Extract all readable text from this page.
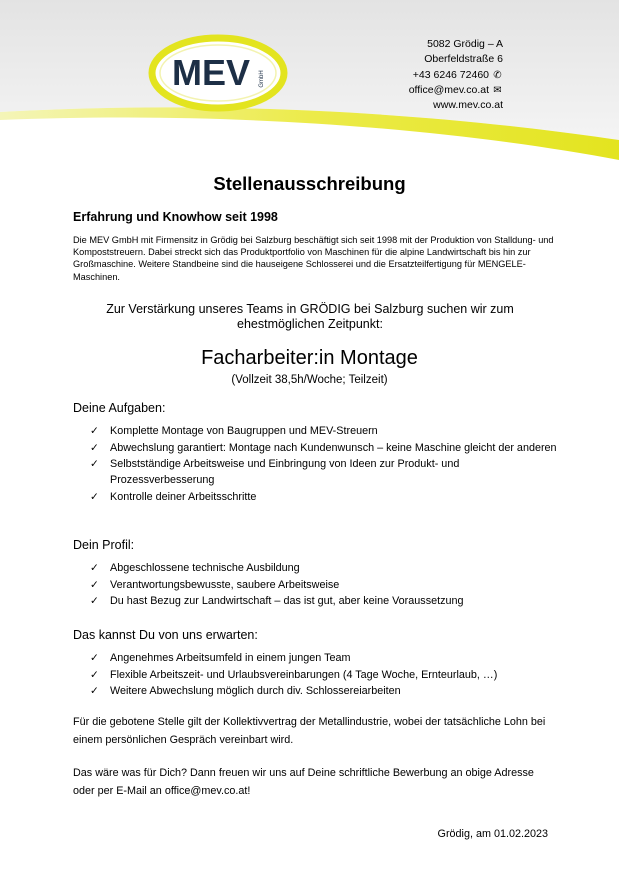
MEV GmbH
5082 Grödig – A
Oberfeldstraße 6
+43 6246 72460 ✆
office@mev.co.at ✉
www.mev.co.at
Stellenausschreibung

Erfahrung und Knowhow seit 1998

Die MEV GmbH mit Firmensitz in Grödig bei Salzburg beschäftigt sich seit 1998 mit der Produktion von Stalldung- und Kompoststreuern. Dabei streckt sich das Produktportfolio von Maschinen für die alpine Landwirtschaft bis hin zur Großmaschine. Weitere Standbeine sind die hauseigene Schlosserei und die Ersatzteilfertigung für MENGELE-Maschinen.

Zur Verstärkung unseres Teams in GRÖDIG bei Salzburg suchen wir zum ehestmöglichen Zeitpunkt:

Facharbeiter:in Montage

(Vollzeit 38,5h/Woche; Teilzeit)

Deine Aufgaben:

✓ Komplette Montage von Baugruppen und MEV-Streuern
✓ Abwechslung garantiert: Montage nach Kundenwunsch – keine Maschine gleicht der anderen
✓ Selbstständige Arbeitsweise und Einbringung von Ideen zur Produkt- und Prozessverbesserung
✓ Kontrolle deiner Arbeitsschritte

Dein Profil:

✓ Abgeschlossene technische Ausbildung
✓ Verantwortungsbewusste, saubere Arbeitsweise
✓ Du hast Bezug zur Landwirtschaft – das ist gut, aber keine Voraussetzung

Das kannst Du von uns erwarten:

✓ Angenehmes Arbeitsumfeld in einem jungen Team
✓ Flexible Arbeitszeit- und Urlaubsvereinbarungen (4 Tage Woche, Ernteurlaub, …)
✓ Weitere Abwechslung möglich durch div. Schlossereiarbeiten

Für die gebotene Stelle gilt der Kollektivvertrag der Metallindustrie, wobei der tatsächliche Lohn bei einem persönlichen Gespräch vereinbart wird.

Das wäre was für Dich? Dann freuen wir uns auf Deine schriftliche Bewerbung an obige Adresse oder per E-Mail an office@mev.co.at!

Grödig, am 01.02.2023
